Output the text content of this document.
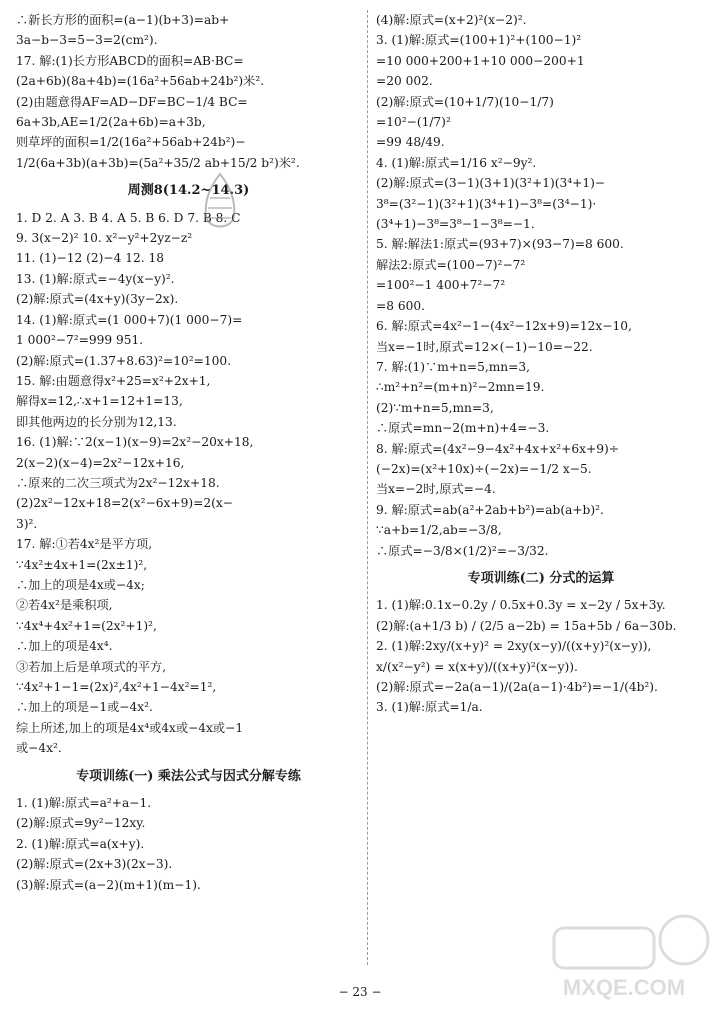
∴新长方形的面积=(a−1)(b+3)=ab+
3a−b−3=5−3=2(cm²).
17. 解:(1)长方形ABCD的面积=AB·BC=
(2a+6b)(8a+4b)=(16a²+56ab+24b²)米².
(2)由题意得AF=AD−DF=BC−1/4 BC=
6a+3b,AE=1/2(2a+6b)=a+3b,
则草坪的面积=1/2(16a²+56ab+24b²)−
1/2(6a+3b)(a+3b)=(5a²+35/2 ab+15/2 b²)米².
周测8(14.2~14.3)
1. D 2. A 3. B 4. A 5. B 6. D 7. B 8. C
9. 3(x−2)² 10. x²−y²+2yz−z²
11. (1)−12 (2)−4 12. 18
13. (1)解:原式=−4y(x−y)².
(2)解:原式=(4x+y)(3y−2x).
14. (1)解:原式=(1 000+7)(1 000−7)=
1 000²−7²=999 951.
(2)解:原式=(1.37+8.63)²=10²=100.
15. 解:由题意得x²+25=x²+2x+1,
解得x=12,∴x+1=12+1=13,
即其他两边的长分别为12,13.
16. (1)解:∵2(x−1)(x−9)=2x²−20x+18,
2(x−2)(x−4)=2x²−12x+16,
∴原来的二次三项式为2x²−12x+18.
(2)2x²−12x+18=2(x²−6x+9)=2(x−
3)².
17. 解:①若4x²是平方项,
∵4x²±4x+1=(2x±1)²,
∴加上的项是4x或−4x;
②若4x²是乘积项,
∵4x⁴+4x²+1=(2x²+1)²,
∴加上的项是4x⁴.
③若加上后是单项式的平方,
∵4x²+1−1=(2x)²,4x²+1−4x²=1²,
∴加上的项是−1或−4x².
综上所述,加上的项是4x⁴或4x或−4x或−1
或−4x².
专项训练(一) 乘法公式与因式分解专练
1. (1)解:原式=a²+a−1.
(2)解:原式=9y²−12xy.
2. (1)解:原式=a(x+y).
(2)解:原式=(2x+3)(2x−3).
(3)解:原式=(a−2)(m+1)(m−1).
(4)解:原式=(x+2)²(x−2)².
3. (1)解:原式=(100+1)²+(100−1)²
=10 000+200+1+10 000−200+1
=20 002.
(2)解:原式=(10+1/7)(10−1/7)
=10²−(1/7)²
=99 48/49.
4. (1)解:原式=1/16 x²−9y².
(2)解:原式=(3−1)(3+1)(3²+1)(3⁴+1)−
3⁸=(3²−1)(3²+1)(3⁴+1)−3⁸=(3⁴−1)·
(3⁴+1)−3⁸=3⁸−1−3⁸=−1.
5. 解:解法1:原式=(93+7)×(93−7)=8 600.
解法2:原式=(100−7)²−7²
=100²−1 400+7²−7²
=8 600.
6. 解:原式=4x²−1−(4x²−12x+9)=12x−10,
当x=−1时,原式=12×(−1)−10=−22.
7. 解:(1)∵m+n=5,mn=3,
∴m²+n²=(m+n)²−2mn=19.
(2)∵m+n=5,mn=3,
∴原式=mn−2(m+n)+4=−3.
8. 解:原式=(4x²−9−4x²+4x+x²+6x+9)÷
(−2x)=(x²+10x)÷(−2x)=−1/2 x−5.
当x=−2时,原式=−4.
9. 解:原式=ab(a²+2ab+b²)=ab(a+b)².
∵a+b=1/2,ab=−3/8,
∴原式=−3/8×(1/2)²=−3/32.
专项训练(二) 分式的运算
1. (1)解:0.1x−0.2y / 0.5x+0.3y = x−2y / 5x+3y.
(2)解:(a+1/3 b) / (2/5 a−2b) = 15a+5b / 6a−30b.
2. (1)解:2xy/(x+y)² = 2xy(x−y)/((x+y)²(x−y)),
x/(x²−y²) = x(x+y)/((x+y)²(x−y)).
(2)解:原式=−2a(a−1)/(2a(a−1)·4b²)=−1/(4b²).
3. (1)解:原式=1/a.
− 23 −	MXQE.COM
